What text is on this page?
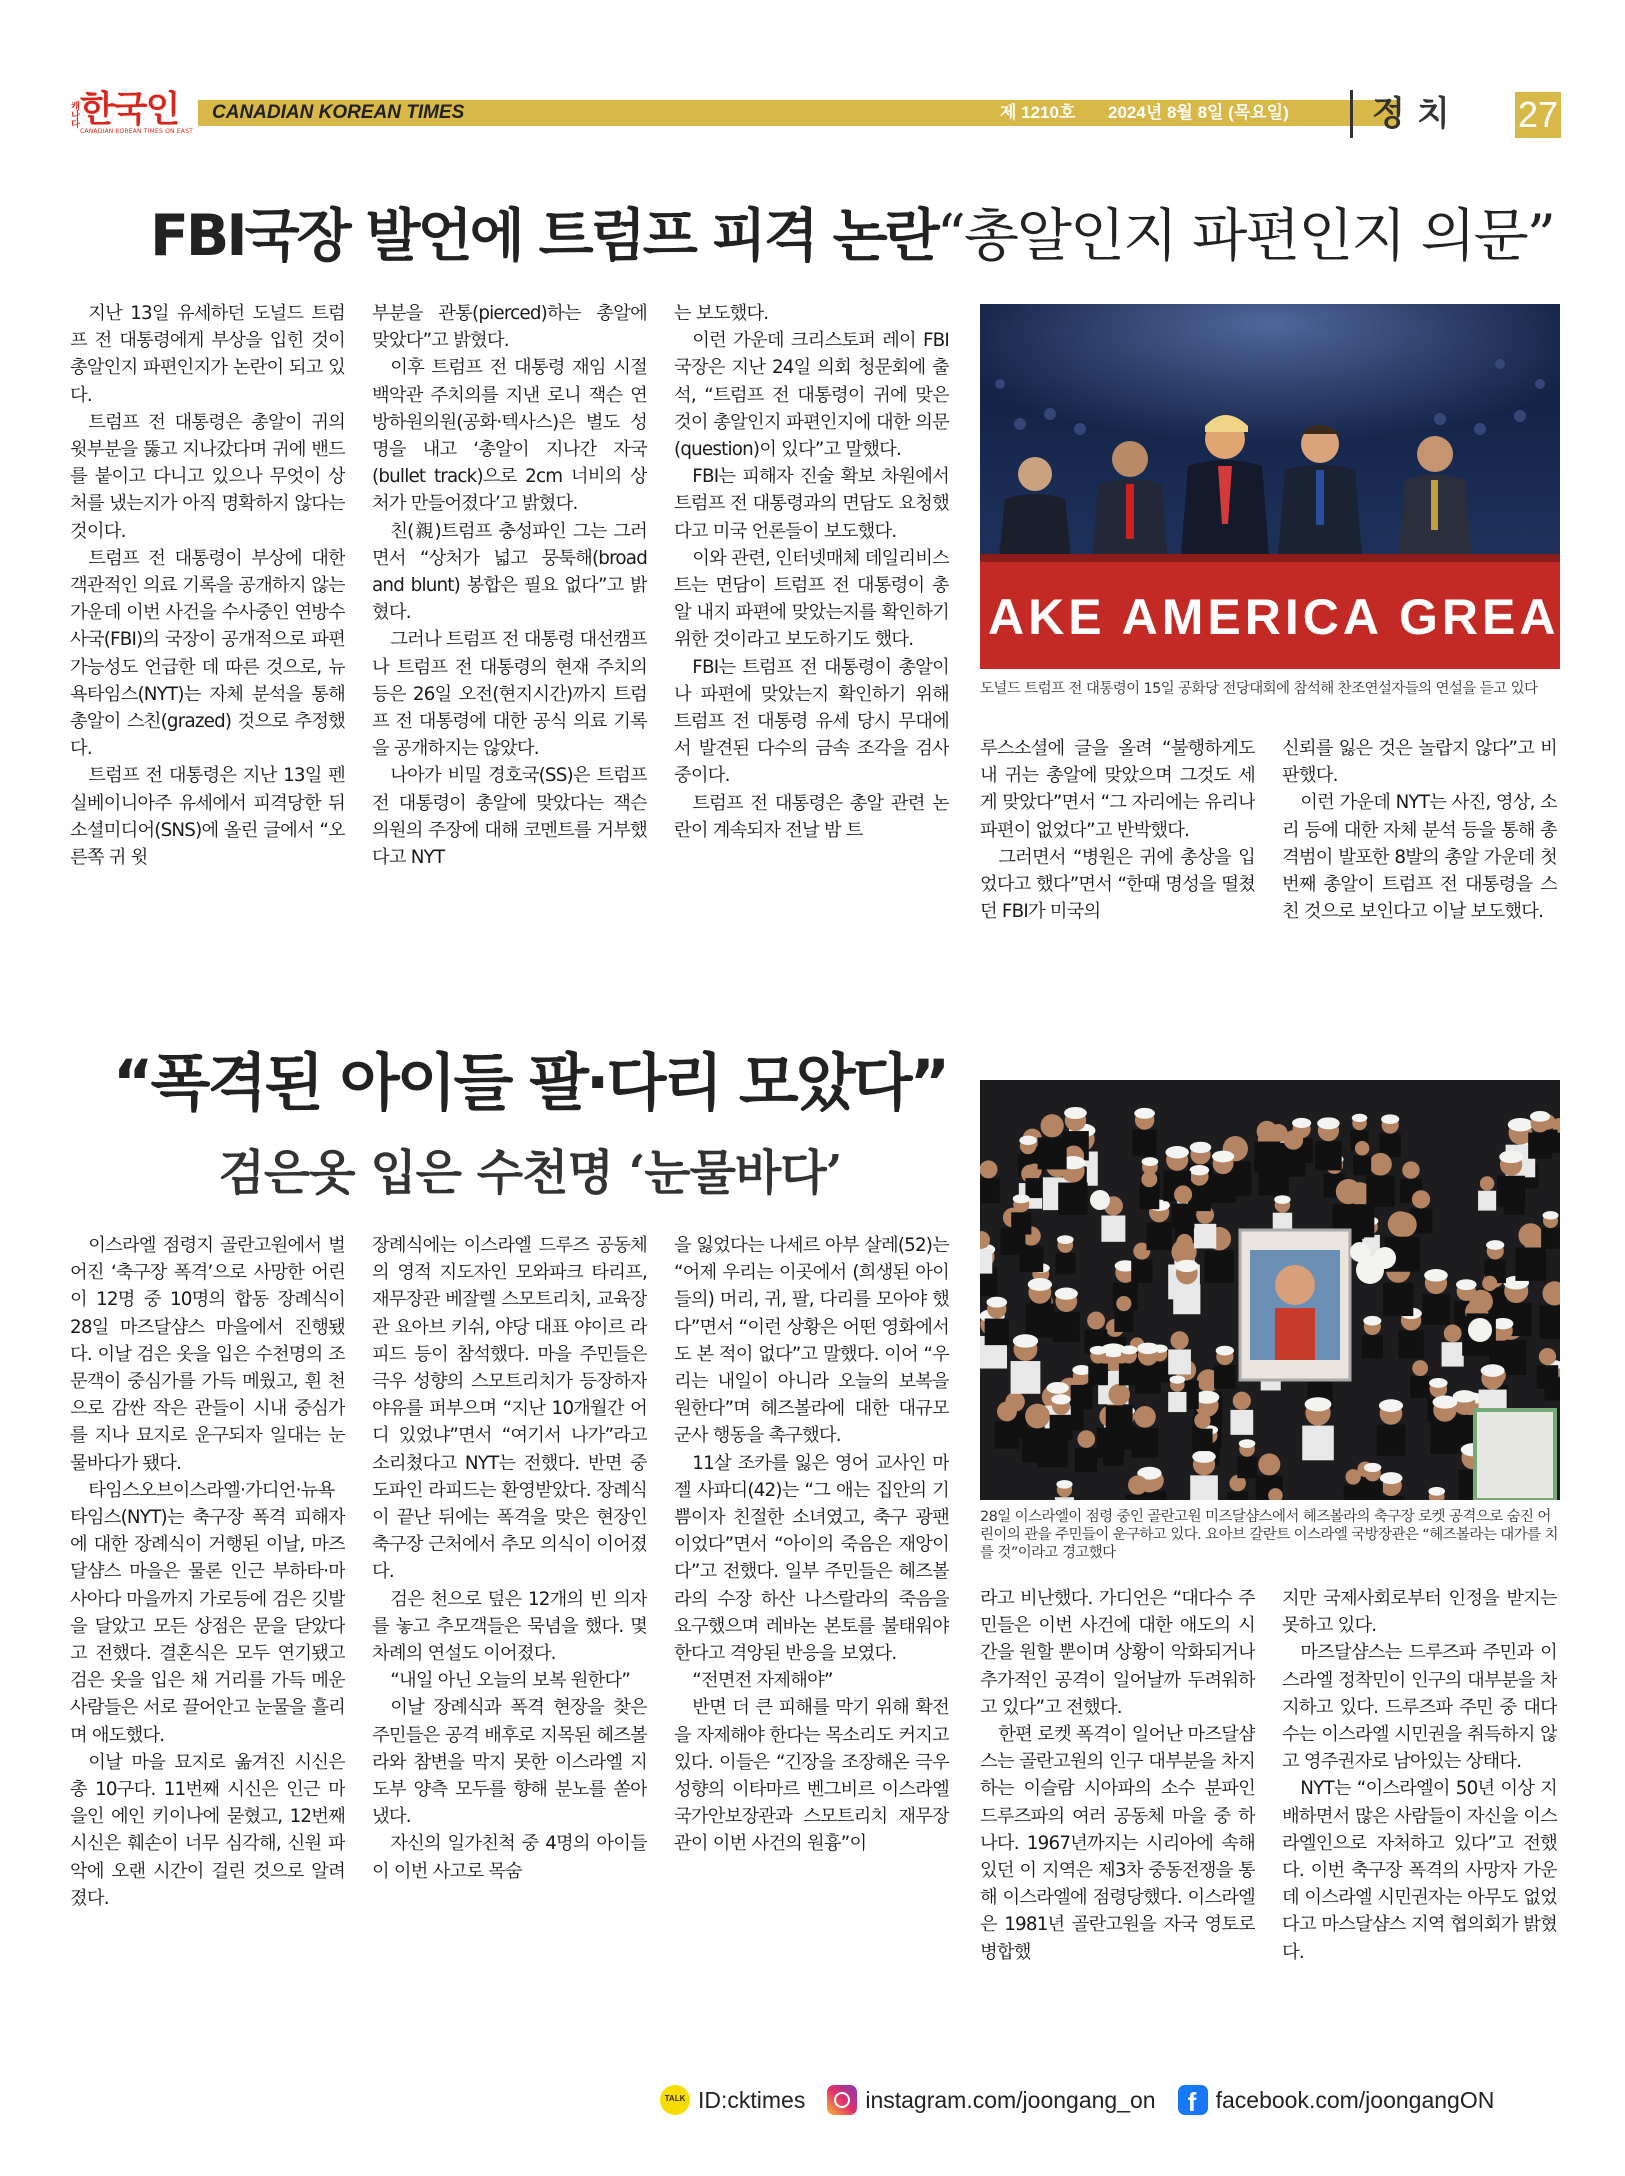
캐나다 한국인
CANADIAN KOREAN TIMES ON EAST
CANADIAN KOREAN TIMES	제 1210호 2024년 8월 8일 (목요일) 정치 27
FBI국장 발언에 트럼프 피격 논란“총알인지 파편인지 의문”
지난 13일 유세하던 도널드 트럼프 전 대통령에게 부상을 입힌 것이 총알인지 파편인지가 논란이 되고 있다.
트럼프 전 대통령은 총알이 귀의 윗부분을 뚫고 지나갔다며 귀에 밴드를 붙이고 다니고 있으나 무엇이 상처를 냈는지가 아직 명확하지 않다는 것이다.
트럼프 전 대통령이 부상에 대한 객관적인 의료 기록을 공개하지 않는 가운데 이번 사건을 수사중인 연방수사국(FBI)의 국장이 공개적으로 파편 가능성도 언급한 데 따른 것으로, 뉴욕타임스(NYT)는 자체 분석을 통해 총알이 스친(grazed) 것으로 추정했다.
트럼프 전 대통령은 지난 13일 펜실베이니아주 유세에서 피격당한 뒤 소셜미디어(SNS)에 올린 글에서 “오른쪽 귀 윗
부분을 관통(pierced)하는 총알에 맞았다”고 밝혔다.
이후 트럼프 전 대통령 재임 시절 백악관 주치의를 지낸 로니 잭슨 연방하원의원(공화·텍사스)은 별도 성명을 내고 ‘총알이 지나간 자국(bullet track)으로 2cm 너비의 상처가 만들어졌다’고 밝혔다.
친(親)트럼프 충성파인 그는 그러면서 “상처가 넓고 뭉툭해(broad and blunt) 봉합은 필요 없다”고 밝혔다.
그러나 트럼프 전 대통령 대선캠프나 트럼프 전 대통령의 현재 주치의 등은 26일 오전(현지시간)까지 트럼프 전 대통령에 대한 공식 의료 기록을 공개하지는 않았다.
나아가 비밀 경호국(SS)은 트럼프 전 대통령이 총알에 맞았다는 잭슨 의원의 주장에 대해 코멘트를 거부했다고 NYT
는 보도했다.
이런 가운데 크리스토퍼 레이 FBI 국장은 지난 24일 의회 청문회에 출석, “트럼프 전 대통령이 귀에 맞은 것이 총알인지 파편인지에 대한 의문(question)이 있다”고 말했다.
FBI는 피해자 진술 확보 차원에서 트럼프 전 대통령과의 면담도 요청했다고 미국 언론들이 보도했다.
이와 관련, 인터넷매체 데일리비스트는 면담이 트럼프 전 대통령이 총알 내지 파편에 맞았는지를 확인하기 위한 것이라고 보도하기도 했다.
FBI는 트럼프 전 대통령이 총알이나 파편에 맞았는지 확인하기 위해 트럼프 전 대통령 유세 당시 무대에서 발견된 다수의 금속 조각을 검사 중이다.
트럼프 전 대통령은 총알 관련 논란이 계속되자 전날 밤 트
루스소셜에 글을 올려 “불행하게도 내 귀는 총알에 맞았으며 그것도 세게 맞았다”면서 “그 자리에는 유리나 파편이 없었다”고 반박했다.
그러면서 “병원은 귀에 총상을 입었다고 했다”면서 “한때 명성을 떨쳤던 FBI가 미국의
신뢰를 잃은 것은 놀랍지 않다”고 비판했다.
이런 가운데 NYT는 사진, 영상, 소리 등에 대한 자체 분석 등을 통해 총격범이 발포한 8발의 총알 가운데 첫 번째 총알이 트럼프 전 대통령을 스친 것으로 보인다고 이날 보도했다.
AKE AMERICA GREA
도널드 트럼프 전 대통령이 15일 공화당 전당대회에 참석해 찬조연설자들의 연설을 듣고 있다
“폭격된 아이들 팔·다리 모았다”
검은옷 입은 수천명 ‘눈물바다’
이스라엘 점령지 골란고원에서 벌어진 ‘축구장 폭격’으로 사망한 어린이 12명 중 10명의 합동 장례식이 28일 마즈달샴스 마을에서 진행됐다. 이날 검은 옷을 입은 수천명의 조문객이 중심가를 가득 메웠고, 흰 천으로 감싼 작은 관들이 시내 중심가를 지나 묘지로 운구되자 일대는 눈물바다가 됐다.
타임스오브이스라엘·가디언·뉴욕타임스(NYT)는 축구장 폭격 피해자에 대한 장례식이 거행된 이날, 마즈달샴스 마을은 물론 인근 부하타·마사아다 마을까지 가로등에 검은 깃발을 달았고 모든 상점은 문을 닫았다고 전했다. 결혼식은 모두 연기됐고 검은 옷을 입은 채 거리를 가득 메운 사람들은 서로 끌어안고 눈물을 흘리며 애도했다.
이날 마을 묘지로 옮겨진 시신은 총 10구다. 11번째 시신은 인근 마을인 에인 키이나에 묻혔고, 12번째 시신은 훼손이 너무 심각해, 신원 파악에 오랜 시간이 걸린 것으로 알려졌다.
장례식에는 이스라엘 드루즈 공동체의 영적 지도자인 모와파크 타리프, 재무장관 베잘렐 스모트리치, 교육장관 요아브 키쉬, 야당 대표 야이르 라피드 등이 참석했다. 마을 주민들은 극우 성향의 스모트리치가 등장하자 야유를 퍼부으며 “지난 10개월간 어디 있었냐”면서 “여기서 나가”라고 소리쳤다고 NYT는 전했다. 반면 중도파인 라피드는 환영받았다. 장례식이 끝난 뒤에는 폭격을 맞은 현장인 축구장 근처에서 추모 의식이 이어졌다.
검은 천으로 덮은 12개의 빈 의자를 놓고 추모객들은 묵념을 했다. 몇차례의 연설도 이어졌다.
“내일 아닌 오늘의 보복 원한다”
이날 장례식과 폭격 현장을 찾은 주민들은 공격 배후로 지목된 헤즈볼라와 참변을 막지 못한 이스라엘 지도부 양측 모두를 향해 분노를 쏟아냈다.
자신의 일가친척 중 4명의 아이들이 이번 사고로 목숨
을 잃었다는 나세르 아부 살레(52)는 “어제 우리는 이곳에서 (희생된 아이들의) 머리, 귀, 팔, 다리를 모아야 했다”면서 “이런 상황은 어떤 영화에서도 본 적이 없다”고 말했다. 이어 “우리는 내일이 아니라 오늘의 보복을 원한다”며 헤즈볼라에 대한 대규모 군사 행동을 촉구했다.
11살 조카를 잃은 영어 교사인 마젤 사파디(42)는 “그 애는 집안의 기쁨이자 친절한 소녀였고, 축구 광팬이었다”면서 “아이의 죽음은 재앙이다”고 전했다. 일부 주민들은 헤즈볼라의 수장 하산 나스랄라의 죽음을 요구했으며 레바논 본토를 불태워야 한다고 격앙된 반응을 보였다.
“전면전 자제해야”
반면 더 큰 피해를 막기 위해 확전을 자제해야 한다는 목소리도 커지고 있다. 이들은 “긴장을 조장해온 극우 성향의 이타마르 벤그비르 이스라엘 국가안보장관과 스모트리치 재무장관이 이번 사건의 원흉”이
라고 비난했다. 가디언은 “대다수 주민들은 이번 사건에 대한 애도의 시간을 원할 뿐이며 상황이 악화되거나 추가적인 공격이 일어날까 두려워하고 있다”고 전했다.
한편 로켓 폭격이 일어난 마즈달샴스는 골란고원의 인구 대부분을 차지하는 이슬람 시아파의 소수 분파인 드루즈파의 여러 공동체 마을 중 하나다. 1967년까지는 시리아에 속해 있던 이 지역은 제3차 중동전쟁을 통해 이스라엘에 점령당했다. 이스라엘은 1981년 골란고원을 자국 영토로 병합했
지만 국제사회로부터 인정을 받지는 못하고 있다.
마즈달샴스는 드루즈파 주민과 이스라엘 정착민이 인구의 대부분을 차지하고 있다. 드루즈파 주민 중 대다수는 이스라엘 시민권을 취득하지 않고 영주권자로 남아있는 상태다.
NYT는 “이스라엘이 50년 이상 지배하면서 많은 사람들이 자신을 이스라엘인으로 자처하고 있다”고 전했다. 이번 축구장 폭격의 사망자 가운데 이스라엘 시민권자는 아무도 없었다고 마스달샴스 지역 협의회가 밝혔다.
28일 이스라엘이 점령 중인 골란고원 미즈달샴스에서 헤즈볼라의 축구장 로켓 공격으로 숨진 어린이의 관을 주민들이 운구하고 있다. 요아브 갈란트 이스라엘 국방장관은 “헤즈볼라는 대가를 치를 것”이라고 경고했다
TALK ID:cktimes	instagram.com/joongang_on f facebook.com/joongangON
